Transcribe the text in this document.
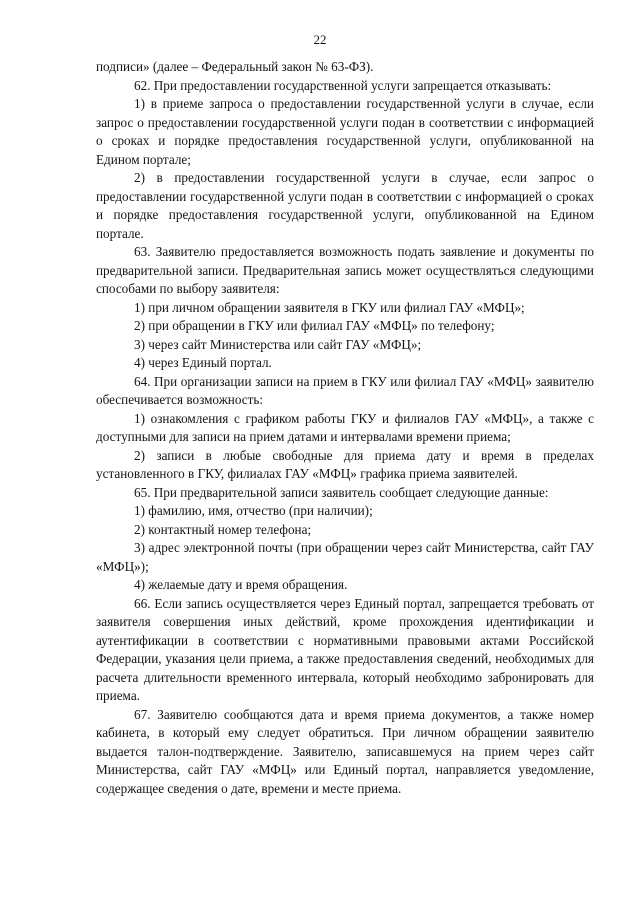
22

подписи» (далее – Федеральный закон № 63-ФЗ).

62. При предоставлении государственной услуги запрещается отказывать:

1) в приеме запроса о предоставлении государственной услуги в случае, если запрос о предоставлении государственной услуги подан в соответствии с информацией о сроках и порядке предоставления государственной услуги, опубликованной на Едином портале;

2) в предоставлении государственной услуги в случае, если запрос о предоставлении государственной услуги подан в соответствии с информацией о сроках и порядке предоставления государственной услуги, опубликованной на Едином портале.

63. Заявителю предоставляется возможность подать заявление и документы по предварительной записи. Предварительная запись может осуществляться следующими способами по выбору заявителя:

1) при личном обращении заявителя в ГКУ или филиал ГАУ «МФЦ»;

2) при обращении в ГКУ или филиал ГАУ «МФЦ» по телефону;

3) через сайт Министерства или сайт ГАУ «МФЦ»;

4) через Единый портал.

64. При организации записи на прием в ГКУ или филиал ГАУ «МФЦ» заявителю обеспечивается возможность:

1) ознакомления с графиком работы ГКУ и филиалов ГАУ «МФЦ», а также с доступными для записи на прием датами и интервалами времени приема;

2) записи в любые свободные для приема дату и время в пределах установленного в ГКУ, филиалах ГАУ «МФЦ» графика приема заявителей.

65. При предварительной записи заявитель сообщает следующие данные:

1) фамилию, имя, отчество (при наличии);

2) контактный номер телефона;

3) адрес электронной почты (при обращении через сайт Министерства, сайт ГАУ «МФЦ»);

4) желаемые дату и время обращения.

66. Если запись осуществляется через Единый портал, запрещается требовать от заявителя совершения иных действий, кроме прохождения идентификации и аутентификации в соответствии с нормативными правовыми актами Российской Федерации, указания цели приема, а также предоставления сведений, необходимых для расчета длительности временного интервала, который необходимо забронировать для приема.

67. Заявителю сообщаются дата и время приема документов, а также номер кабинета, в который ему следует обратиться. При личном обращении заявителю выдается талон-подтверждение. Заявителю, записавшемуся на прием через сайт Министерства, сайт ГАУ «МФЦ» или Единый портал, направляется уведомление, содержащее сведения о дате, времени и месте приема.
